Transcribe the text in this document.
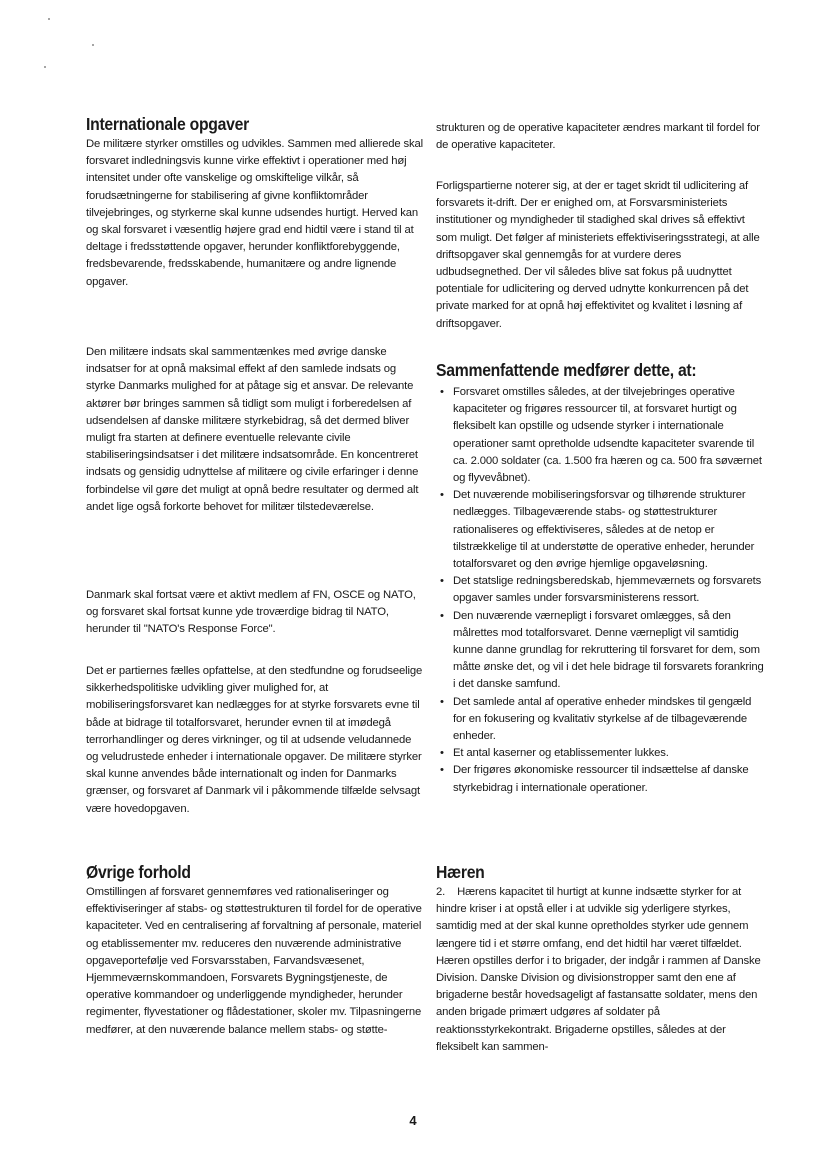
Internationale opgaver

De militære styrker omstilles og udvikles. Sammen med allierede skal forsvaret indledningsvis kunne virke effektivt i operationer med høj intensitet under ofte vanskelige og omskiftelige vilkår, så forudsætningerne for stabilisering af givne konfliktområder tilvejebringes, og styrkerne skal kunne udsendes hurtigt. Herved kan og skal forsvaret i væsentlig højere grad end hidtil være i stand til at deltage i fredsstøttende opgaver, herunder konfliktforebyggende, fredsbevarende, fredsskabende, humanitære og andre lignende opgaver.

Den militære indsats skal sammentænkes med øvrige danske indsatser for at opnå maksimal effekt af den samlede indsats og styrke Danmarks mulighed for at påtage sig et ansvar. De relevante aktører bør bringes sammen så tidligt som muligt i forberedelsen af udsendelsen af danske militære styrkebidrag, så det dermed bliver muligt fra starten at definere eventuelle relevante civile stabiliseringsindsatser i det militære indsatsområde. En koncentreret indsats og gensidig udnyttelse af militære og civile erfaringer i denne forbindelse vil gøre det muligt at opnå bedre resultater og dermed alt andet lige også forkorte behovet for militær tilstedeværelse.

Danmark skal fortsat være et aktivt medlem af FN, OSCE og NATO, og forsvaret skal fortsat kunne yde troværdige bidrag til NATO, herunder til "NATO's Response Force".

Det er partiernes fælles opfattelse, at den stedfundne og forudseelige sikkerhedspolitiske udvikling giver mulighed for, at mobiliseringsforsvaret kan nedlægges for at styrke forsvarets evne til både at bidrage til totalforsvaret, herunder evnen til at imødegå terrorhandlinger og deres virkninger, og til at udsende veludannede og veludrustede enheder i internationale opgaver. De militære styrker skal kunne anvendes både internationalt og inden for Danmarks grænser, og forsvaret af Danmark vil i påkommende tilfælde selvsagt være hovedopgaven.

Øvrige forhold

Omstillingen af forsvaret gennemføres ved rationaliseringer og effektiviseringer af stabs- og støttestrukturen til fordel for de operative kapaciteter. Ved en centralisering af forvaltning af personale, materiel og etablissementer mv. reduceres den nuværende administrative opgaveportefølje ved Forsvarsstaben, Farvandsvæsenet, Hjemmeværnskommandoen, Forsvarets Bygningstjeneste, de operative kommandoer og underliggende myndigheder, herunder regimenter, flyvestationer og flådestationer, skoler mv. Tilpasningerne medfører, at den nuværende balance mellem stabs- og støtte-

strukturen og de operative kapaciteter ændres markant til fordel for de operative kapaciteter.

Forligspartierne noterer sig, at der er taget skridt til udlicitering af forsvarets it-drift. Der er enighed om, at Forsvarsministeriets institutioner og myndigheder til stadighed skal drives så effektivt som muligt. Det følger af ministeriets effektiviseringsstrategi, at alle driftsopgaver skal gennemgås for at vurdere deres udbudsegnethed. Der vil således blive sat fokus på uudnyttet potentiale for udlicitering og derved udnytte konkurrencen på det private marked for at opnå høj effektivitet og kvalitet i løsning af driftsopgaver.

Sammenfattende medfører dette, at:
• Forsvaret omstilles således, at der tilvejebringes operative kapaciteter og frigøres ressourcer til, at forsvaret hurtigt og fleksibelt kan opstille og udsende styrker i internationale operationer samt opretholde udsendte kapaciteter svarende til ca. 2.000 soldater (ca. 1.500 fra hæren og ca. 500 fra søværnet og flyvevåbnet).
• Det nuværende mobiliseringsforsvar og tilhørende strukturer nedlægges. Tilbageværende stabs- og støttestrukturer rationaliseres og effektiviseres, således at de netop er tilstrækkelige til at understøtte de operative enheder, herunder totalforsvaret og den øvrige hjemlige opgaveløsning.
• Det statslige redningsberedskab, hjemmeværnets og forsvarets opgaver samles under forsvarsministerens ressort.
• Den nuværende værnepligt i forsvaret omlægges, så den målrettes mod totalforsvaret. Denne værnepligt vil samtidig kunne danne grundlag for rekruttering til forsvaret for dem, som måtte ønske det, og vil i det hele bidrage til forsvarets forankring i det danske samfund.
• Det samlede antal af operative enheder mindskes til gengæld for en fokusering og kvalitativ styrkelse af de tilbageværende enheder.
• Et antal kaserner og etablissementer lukkes.
• Der frigøres økonomiske ressourcer til indsættelse af danske styrkebidrag i internationale operationer.
Hæren

2.    Hærens kapacitet til hurtigt at kunne indsætte styrker for at hindre kriser i at opstå eller i at udvikle sig yderligere styrkes, samtidig med at der skal kunne opretholdes styrker ude gennem længere tid i et større omfang, end det hidtil har været tilfældet. Hæren opstilles derfor i to brigader, der indgår i rammen af Danske Division. Danske Division og divisionstropper samt den ene af brigaderne består hovedsageligt af fastansatte soldater, mens den anden brigade primært udgøres af soldater på reaktionsstyrkekontrakt. Brigaderne opstilles, således at der fleksibelt kan sammen-

4
